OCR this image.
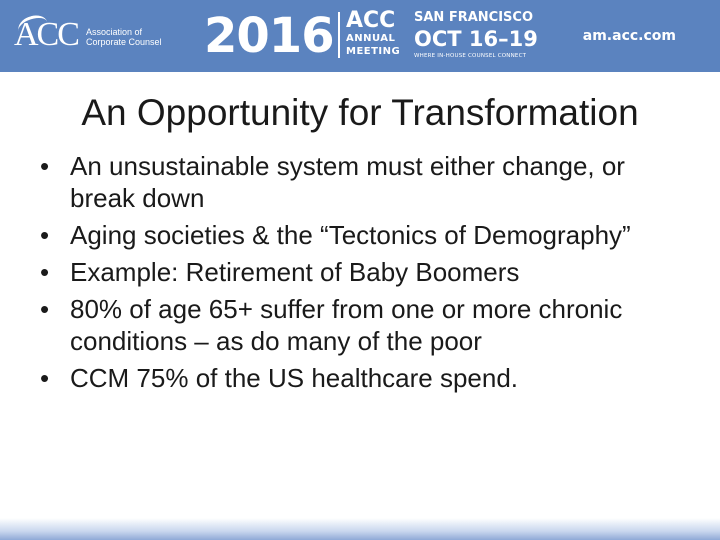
ACC Association of Corporate Counsel 2016 ACC
ANNUAL
MEETING
SAN FRANCISCO
OCT 16–19
WHERE IN-HOUSE COUNSEL CONNECT
am.acc.com
An Opportunity for Transformation
• An unsustainable system must either change, or break down
• Aging societies & the “Tectonics of Demography”
• Example: Retirement of Baby Boomers
• 80% of age 65+ suffer from one or more chronic conditions – as do many of the poor
• CCM 75% of the US healthcare spend.
